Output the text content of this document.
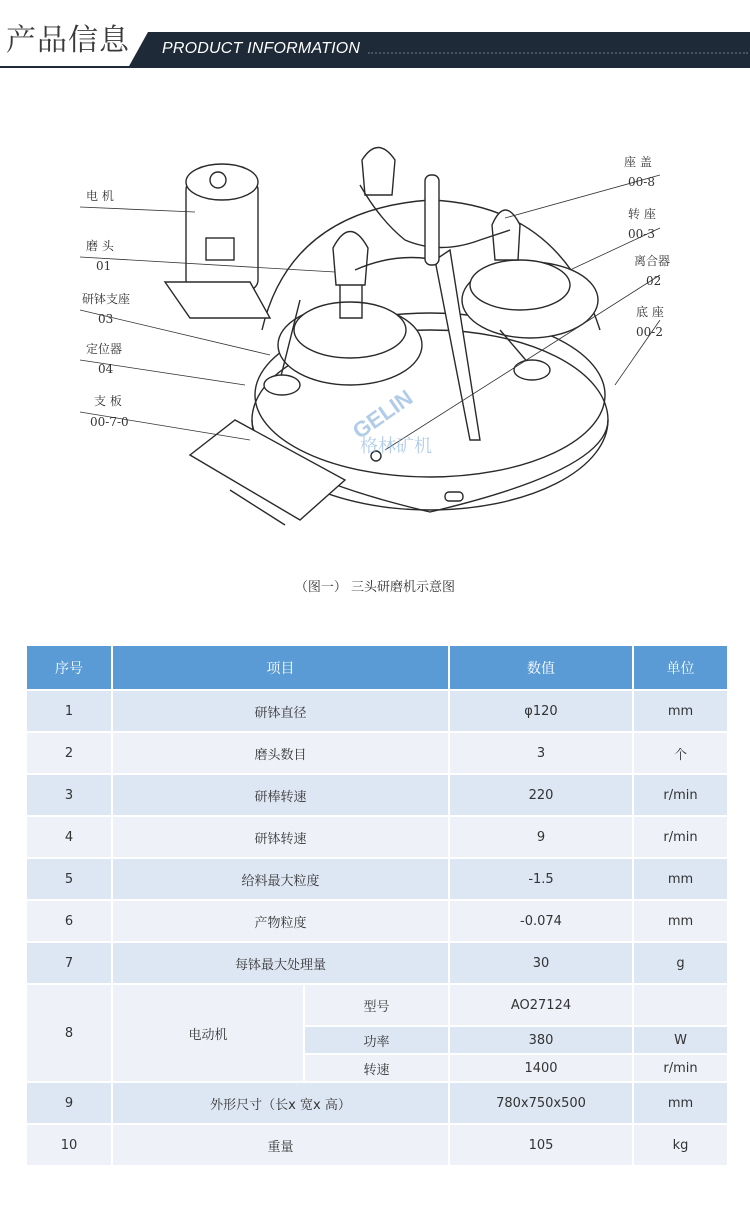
产品信息 PRODUCT INFORMATION
电 机
磨 头
01
研钵支座
03
定位器
04
支 板
00-7-0
座 盖
00-8
转 座
00-3
离合器
02
底 座
00-2
GELIN
格林矿机
（图一） 三头研磨机示意图
序号	项目		数值	单位
1	研钵直径		φ120	mm
2	磨头数目		3	个
3	研棒转速		220	r/min
4	研钵转速		9	r/min
5	给料最大粒度		-1.5	mm
6	产物粒度		-0.074	mm
7	每钵最大处理量		30	g
8	电动机	型号	AO27124	
		功率	380	W
		转速	1400	r/min
9	外形尺寸（长x 宽x 高）		780x750x500	mm
10	重量		105	kg
